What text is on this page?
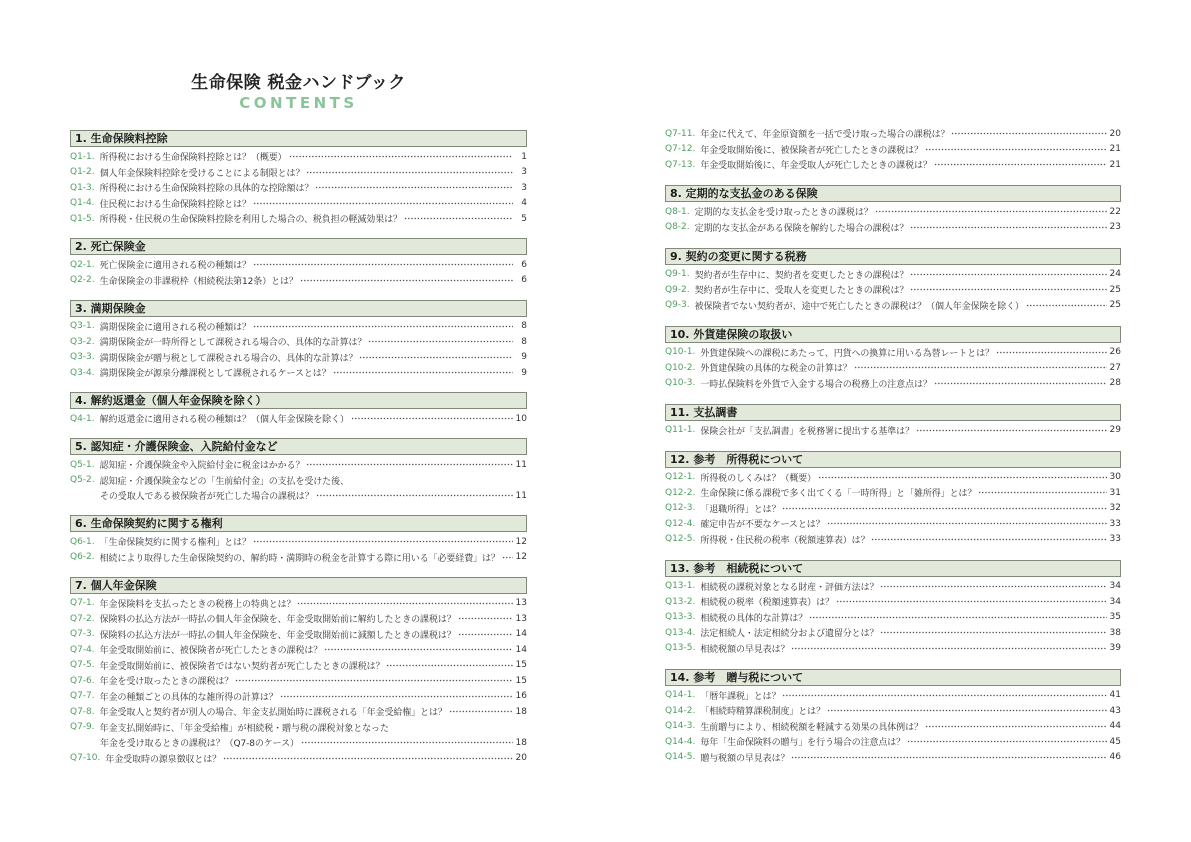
生命保険 税金ハンドブック
CONTENTS
1. 生命保険料控除
Q1-1. 所得税における生命保険料控除とは？（概要）	1
Q1-2. 個人年金保険料控除を受けることによる制限とは？	3
Q1-3. 所得税における生命保険料控除の具体的な控除額は？	3
Q1-4. 住民税における生命保険料控除とは？	4
Q1-5. 所得税・住民税の生命保険料控除を利用した場合の、税負担の軽減効果は？	5
2. 死亡保険金
Q2-1. 死亡保険金に適用される税の種類は？	6
Q2-2. 生命保険金の非課税枠（相続税法第12条）とは？	6
3. 満期保険金
Q3-1. 満期保険金に適用される税の種類は？	8
Q3-2. 満期保険金が一時所得として課税される場合の、具体的な計算は？	8
Q3-3. 満期保険金が贈与税として課税される場合の、具体的な計算は？	9
Q3-4. 満期保険金が源泉分離課税として課税されるケースとは？	9
4. 解約返還金（個人年金保険を除く）
Q4-1. 解約返還金に適用される税の種類は？（個人年金保険を除く）	10
5. 認知症・介護保険金、入院給付金など
Q5-1. 認知症・介護保険金や入院給付金に税金はかかる？	11
Q5-2. 認知症・介護保険金などの「生前給付金」の支払を受けた後、
その受取人である被保険者が死亡した場合の課税は？	11
6. 生命保険契約に関する権利
Q6-1. 「生命保険契約に関する権利」とは？	12
Q6-2. 相続により取得した生命保険契約の、解約時・満期時の税金を計算する際に用いる「必要経費」は？ 12
7. 個人年金保険
Q7-1. 年金保険料を支払ったときの税務上の特典とは？	13
Q7-2. 保険料の払込方法が一時払の個人年金保険を、年金受取開始前に解約したときの課税は？	13
Q7-3. 保険料の払込方法が一時払の個人年金保険を、年金受取開始前に減額したときの課税は？	14
Q7-4. 年金受取開始前に、被保険者が死亡したときの課税は？	14
Q7-5. 年金受取開始前に、被保険者ではない契約者が死亡したときの課税は？	15
Q7-6. 年金を受け取ったときの課税は？	15
Q7-7. 年金の種類ごとの具体的な雑所得の計算は？	16
Q7-8. 年金受取人と契約者が別人の場合、年金支払開始時に課税される「年金受給権」とは？	18
Q7-9. 年金支払開始時に、「年金受給権」が相続税・贈与税の課税対象となった
年金を受け取るときの課税は？（Q7-8のケース）	18
Q7-10. 年金受取時の源泉徴収とは？	20
Q7-11. 年金に代えて、年金原資額を一括で受け取った場合の課税は？	20
Q7-12. 年金受取開始後に、被保険者が死亡したときの課税は？	21
Q7-13. 年金受取開始後に、年金受取人が死亡したときの課税は？	21
8. 定期的な支払金のある保険
Q8-1. 定期的な支払金を受け取ったときの課税は？	22
Q8-2. 定期的な支払金がある保険を解約した場合の課税は？	23
9. 契約の変更に関する税務
Q9-1. 契約者が生存中に、契約者を変更したときの課税は？	24
Q9-2. 契約者が生存中に、受取人を変更したときの課税は？	25
Q9-3. 被保険者でない契約者が、途中で死亡したときの課税は？（個人年金保険を除く）	25
10. 外貨建保険の取扱い
Q10-1. 外貨建保険への課税にあたって、円貨への換算に用いる為替レートとは？	26
Q10-2. 外貨建保険の具体的な税金の計算は？	27
Q10-3. 一時払保険料を外貨で入金する場合の税務上の注意点は？	28
11. 支払調書
Q11-1. 保険会社が「支払調書」を税務署に提出する基準は？	29
12. 参考　所得税について
Q12-1. 所得税のしくみは？（概要）	30
Q12-2. 生命保険に係る課税で多く出てくる「一時所得」と「雑所得」とは？	31
Q12-3. 「退職所得」とは？	32
Q12-4. 確定申告が不要なケースとは？	33
Q12-5. 所得税・住民税の税率（税額速算表）は？	33
13. 参考　相続税について
Q13-1. 相続税の課税対象となる財産・評価方法は？	34
Q13-2. 相続税の税率（税額速算表）は？	34
Q13-3. 相続税の具体的な計算は？	35
Q13-4. 法定相続人・法定相続分および遺留分とは？	38
Q13-5. 相続税額の早見表は？	39
14. 参考　贈与税について
Q14-1. 「暦年課税」とは？	41
Q14-2. 「相続時精算課税制度」とは？	43
Q14-3. 生前贈与により、相続税額を軽減する効果の具体例は？	44
Q14-4. 毎年「生命保険料の贈与」を行う場合の注意点は？	45
Q14-5. 贈与税額の早見表は？	46
